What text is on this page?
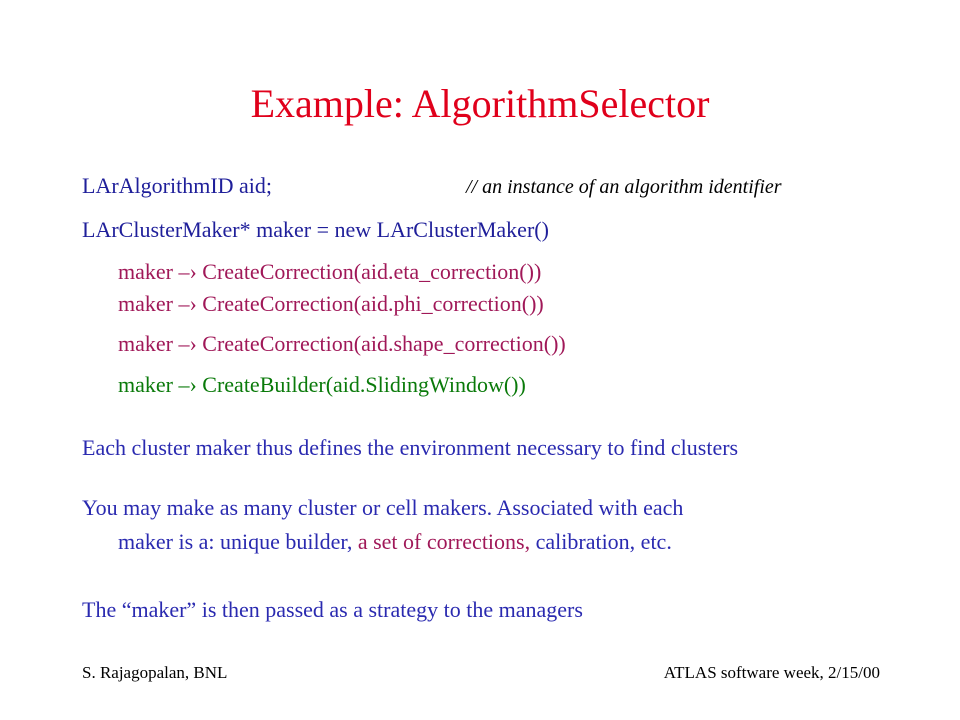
Example: AlgorithmSelector
LArAlgorithmID aid;	// an instance of an algorithm identifier
LArClusterMaker* maker = new LArClusterMaker()
maker –› CreateCorrection(aid.eta_correction())
maker –› CreateCorrection(aid.phi_correction())
maker –› CreateCorrection(aid.shape_correction())
maker –› CreateBuilder(aid.SlidingWindow())
Each cluster maker thus defines the environment necessary to find clusters
You may make as many cluster or cell makers. Associated with each
maker is a: unique builder, a set of corrections, calibration, etc.
The “maker” is then passed as a strategy to the managers
S. Rajagopalan, BNL	ATLAS software week, 2/15/00
